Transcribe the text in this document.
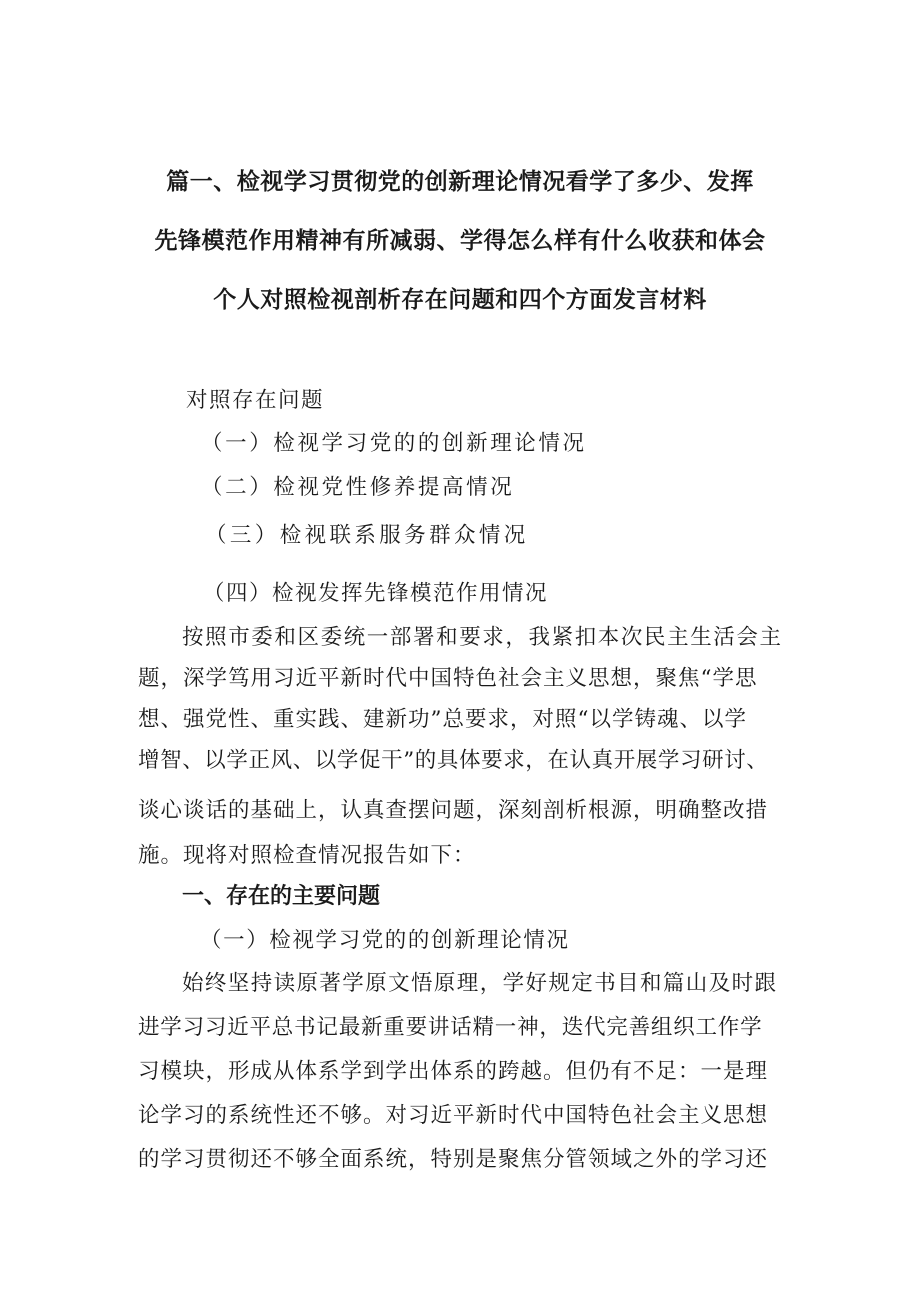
篇一、检视学习贯彻党的创新理论情况看学了多少、发挥
先锋模范作用精神有所减弱、学得怎么样有什么收获和体会
个人对照检视剖析存在问题和四个方面发言材料
对照存在问题
（一）检视学习党的的创新理论情况
（二）检视党性修养提高情况
（三）检视联系服务群众情况
（四）检视发挥先锋模范作用情况
按照市委和区委统一部署和要求，我紧扣本次民主生活会主
题，深学笃用习近平新时代中国特色社会主义思想，聚焦“学思
想、强党性、重实践、建新功”总要求，对照“以学铸魂、以学
增智、以学正风、以学促干”的具体要求，在认真开展学习研讨、
谈心谈话的基础上，认真查摆问题，深刻剖析根源，明确整改措
施。现将对照检查情况报告如下：
一、存在的主要问题
（一）检视学习党的的创新理论情况
始终坚持读原著学原文悟原理，学好规定书目和篇山及时跟
进学习习近平总书记最新重要讲话精一神，迭代完善组织工作学
习模块，形成从体系学到学出体系的跨越。但仍有不足：一是理
论学习的系统性还不够。对习近平新时代中国特色社会主义思想
的学习贯彻还不够全面系统，特别是聚焦分管领域之外的学习还
